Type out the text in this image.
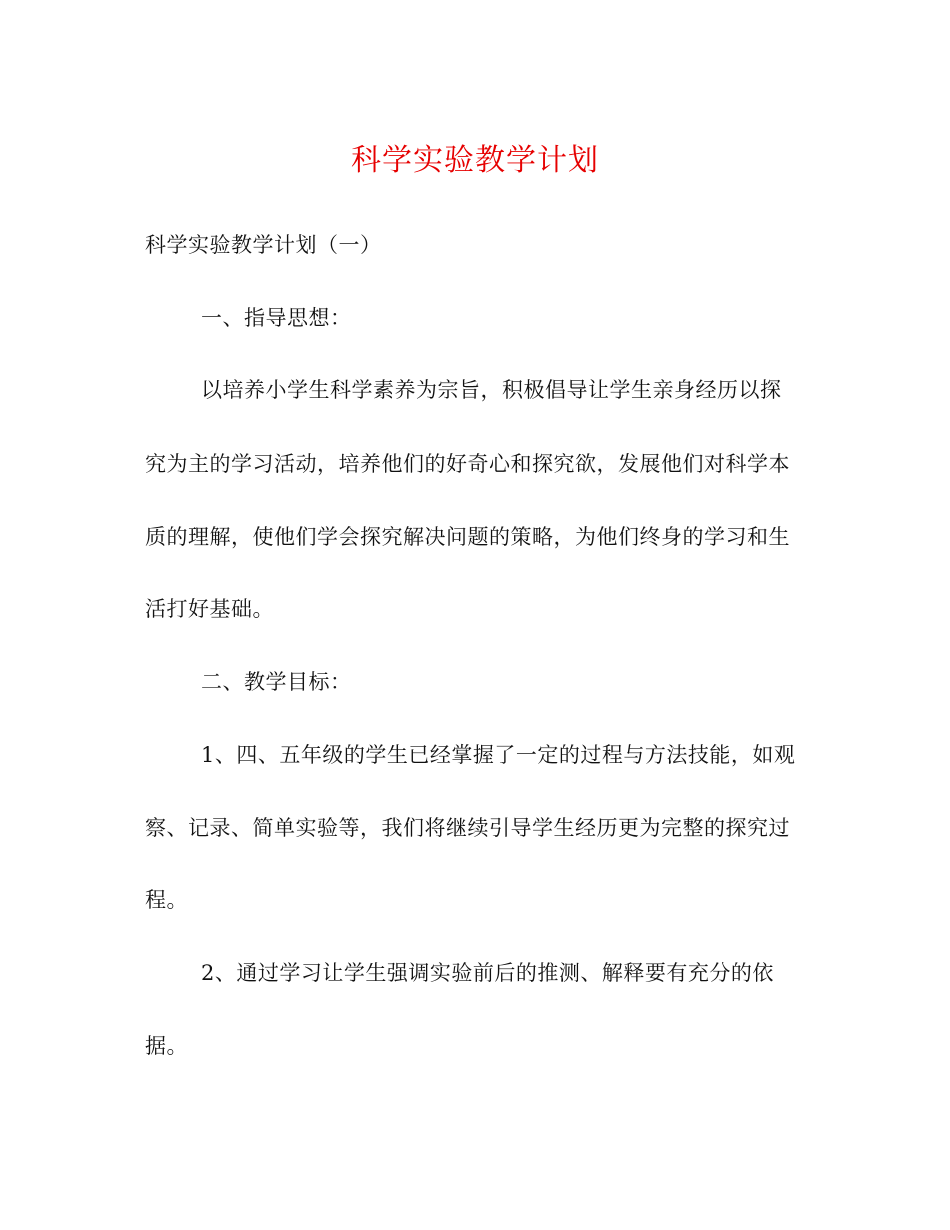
科学实验教学计划
科学实验教学计划（一）
一、指导思想：
以培养小学生科学素养为宗旨，积极倡导让学生亲身经历以探
究为主的学习活动，培养他们的好奇心和探究欲，发展他们对科学本
质的理解，使他们学会探究解决问题的策略，为他们终身的学习和生
活打好基础。
二、教学目标：
1、四、五年级的学生已经掌握了一定的过程与方法技能，如观
察、记录、简单实验等，我们将继续引导学生经历更为完整的探究过
程。
2、通过学习让学生强调实验前后的推测、解释要有充分的依
据。
